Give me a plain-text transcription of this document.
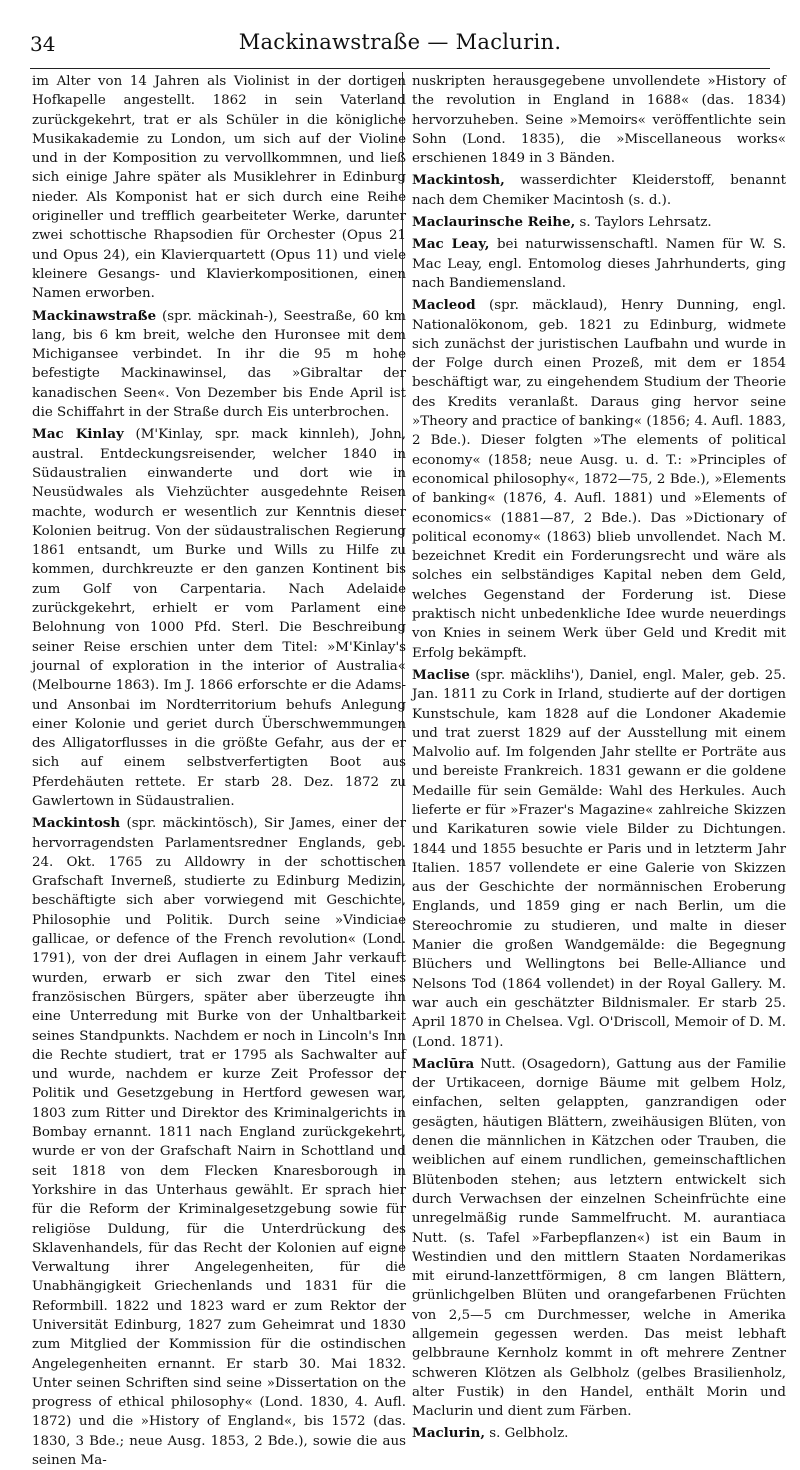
34	Mackinawstraße — Maclurin.

im Alter von 14 Jahren als Violinist in der dortigen Hofkapelle angestellt. 1862 in sein Vaterland zurückgekehrt, trat er als Schüler in die königliche Musikakademie zu London, um sich auf der Violine und in der Komposition zu vervollkommnen, und ließ sich einige Jahre später als Musiklehrer in Edinburg nieder. Als Komponist hat er sich durch eine Reihe origineller und trefflich gearbeiteter Werke, darunter zwei schottische Rhapsodien für Orchester (Opus 21 und Opus 24), ein Klavierquartett (Opus 11) und viele kleinere Gesangs- und Klavierkompositionen, einen Namen erworben.

Mackinawstraße (spr. mäckinah-), Seestraße, 60 km lang, bis 6 km breit, welche den Huronsee mit dem Michigansee verbindet. In ihr die 95 m hohe befestigte Mackinawinsel, das »Gibraltar der kanadischen Seen«. Von Dezember bis Ende April ist die Schiffahrt in der Straße durch Eis unterbrochen.

Mac Kinlay (M'Kinlay, spr. mack kinnleh), John, austral. Entdeckungsreisender, welcher 1840 in Südaustralien einwanderte und dort wie in Neusüdwales als Viehzüchter ausgedehnte Reisen machte, wodurch er wesentlich zur Kenntnis dieser Kolonien beitrug. Von der südaustralischen Regierung 1861 entsandt, um Burke und Wills zu Hilfe zu kommen, durchkreuzte er den ganzen Kontinent bis zum Golf von Carpentaria. Nach Adelaide zurückgekehrt, erhielt er vom Parlament eine Belohnung von 1000 Pfd. Sterl. Die Beschreibung seiner Reise erschien unter dem Titel: »M'Kinlay's journal of exploration in the interior of Australia« (Melbourne 1863). Im J. 1866 erforschte er die Adams- und Ansonbai im Nordterritorium behufs Anlegung einer Kolonie und geriet durch Überschwemmungen des Alligatorflusses in die größte Gefahr, aus der er sich auf einem selbstverfertigten Boot aus Pferdehäuten rettete. Er starb 28. Dez. 1872 zu Gawlertown in Südaustralien.

Mackintosh (spr. mäckintösch), Sir James, einer der hervorragendsten Parlamentsredner Englands, geb. 24. Okt. 1765 zu Alldowry in der schottischen Grafschaft Inverneß, studierte zu Edinburg Medizin, beschäftigte sich aber vorwiegend mit Geschichte, Philosophie und Politik. Durch seine »Vindiciae gallicae, or defence of the French revolution« (Lond. 1791), von der drei Auflagen in einem Jahr verkauft wurden, erwarb er sich zwar den Titel eines französischen Bürgers, später aber überzeugte ihn eine Unterredung mit Burke von der Unhaltbarkeit seines Standpunkts. Nachdem er noch in Lincoln's Inn die Rechte studiert, trat er 1795 als Sachwalter auf und wurde, nachdem er kurze Zeit Professor der Politik und Gesetzgebung in Hertford gewesen war, 1803 zum Ritter und Direktor des Kriminalgerichts in Bombay ernannt. 1811 nach England zurückgekehrt, wurde er von der Grafschaft Nairn in Schottland und seit 1818 von dem Flecken Knaresborough in Yorkshire in das Unterhaus gewählt. Er sprach hier für die Reform der Kriminalgesetzgebung sowie für religiöse Duldung, für die Unterdrückung des Sklavenhandels, für das Recht der Kolonien auf eigne Verwaltung ihrer Angelegenheiten, für die Unabhängigkeit Griechenlands und 1831 für die Reformbill. 1822 und 1823 ward er zum Rektor der Universität Edinburg, 1827 zum Geheimrat und 1830 zum Mitglied der Kommission für die ostindischen Angelegenheiten ernannt. Er starb 30. Mai 1832. Unter seinen Schriften sind seine »Dissertation on the progress of ethical philosophy« (Lond. 1830, 4. Aufl. 1872) und die »History of England«, bis 1572 (das. 1830, 3 Bde.; neue Ausg. 1853, 2 Bde.), sowie die aus seinen Ma-

nuskripten herausgegebene unvollendete »History of the revolution in England in 1688« (das. 1834) hervorzuheben. Seine »Memoirs« veröffentlichte sein Sohn (Lond. 1835), die »Miscellaneous works« erschienen 1849 in 3 Bänden.

Mackintosh, wasserdichter Kleiderstoff, benannt nach dem Chemiker Macintosh (s. d.).

Maclaurinsche Reihe, s. Taylors Lehrsatz.

Mac Leay, bei naturwissenschaftl. Namen für W. S. Mac Leay, engl. Entomolog dieses Jahrhunderts, ging nach Bandiemensland.

Macleod (spr. mäcklaud), Henry Dunning, engl. Nationalökonom, geb. 1821 zu Edinburg, widmete sich zunächst der juristischen Laufbahn und wurde in der Folge durch einen Prozeß, mit dem er 1854 beschäftigt war, zu eingehendem Studium der Theorie des Kredits veranlaßt. Daraus ging hervor seine »Theory and practice of banking« (1856; 4. Aufl. 1883, 2 Bde.). Dieser folgten »The elements of political economy« (1858; neue Ausg. u. d. T.: »Principles of economical philosophy«, 1872—75, 2 Bde.), »Elements of banking« (1876, 4. Aufl. 1881) und »Elements of economics« (1881—87, 2 Bde.). Das »Dictionary of political economy« (1863) blieb unvollendet. Nach M. bezeichnet Kredit ein Forderungsrecht und wäre als solches ein selbständiges Kapital neben dem Geld, welches Gegenstand der Forderung ist. Diese praktisch nicht unbedenkliche Idee wurde neuerdings von Knies in seinem Werk über Geld und Kredit mit Erfolg bekämpft.

Maclise (spr. mäcklihs'), Daniel, engl. Maler, geb. 25. Jan. 1811 zu Cork in Irland, studierte auf der dortigen Kunstschule, kam 1828 auf die Londoner Akademie und trat zuerst 1829 auf der Ausstellung mit einem Malvolio auf. Im folgenden Jahr stellte er Porträte aus und bereiste Frankreich. 1831 gewann er die goldene Medaille für sein Gemälde: Wahl des Herkules. Auch lieferte er für »Frazer's Magazine« zahlreiche Skizzen und Karikaturen sowie viele Bilder zu Dichtungen. 1844 und 1855 besuchte er Paris und in letzterm Jahr Italien. 1857 vollendete er eine Galerie von Skizzen aus der Geschichte der normännischen Eroberung Englands, und 1859 ging er nach Berlin, um die Stereochromie zu studieren, und malte in dieser Manier die großen Wandgemälde: die Begegnung Blüchers und Wellingtons bei Belle-Alliance und Nelsons Tod (1864 vollendet) in der Royal Gallery. M. war auch ein geschätzter Bildnismaler. Er starb 25. April 1870 in Chelsea. Vgl. O'Driscoll, Memoir of D. M. (Lond. 1871).

Maclūra Nutt. (Osagedorn), Gattung aus der Familie der Urtikaceen, dornige Bäume mit gelbem Holz, einfachen, selten gelappten, ganzrandigen oder gesägten, häutigen Blättern, zweihäusigen Blüten, von denen die männlichen in Kätzchen oder Trauben, die weiblichen auf einem rundlichen, gemeinschaftlichen Blütenboden stehen; aus letztern entwickelt sich durch Verwachsen der einzelnen Scheinfrüchte eine unregelmäßig runde Sammelfrucht. M. aurantiaca Nutt. (s. Tafel »Farbepflanzen«) ist ein Baum in Westindien und den mittlern Staaten Nordamerikas mit eirund-lanzettförmigen, 8 cm langen Blättern, grünlichgelben Blüten und orangefarbenen Früchten von 2,5—5 cm Durchmesser, welche in Amerika allgemein gegessen werden. Das meist lebhaft gelbbraune Kernholz kommt in oft mehrere Zentner schweren Klötzen als Gelbholz (gelbes Brasilienholz, alter Fustik) in den Handel, enthält Morin und Maclurin und dient zum Färben.

Maclurin, s. Gelbholz.
